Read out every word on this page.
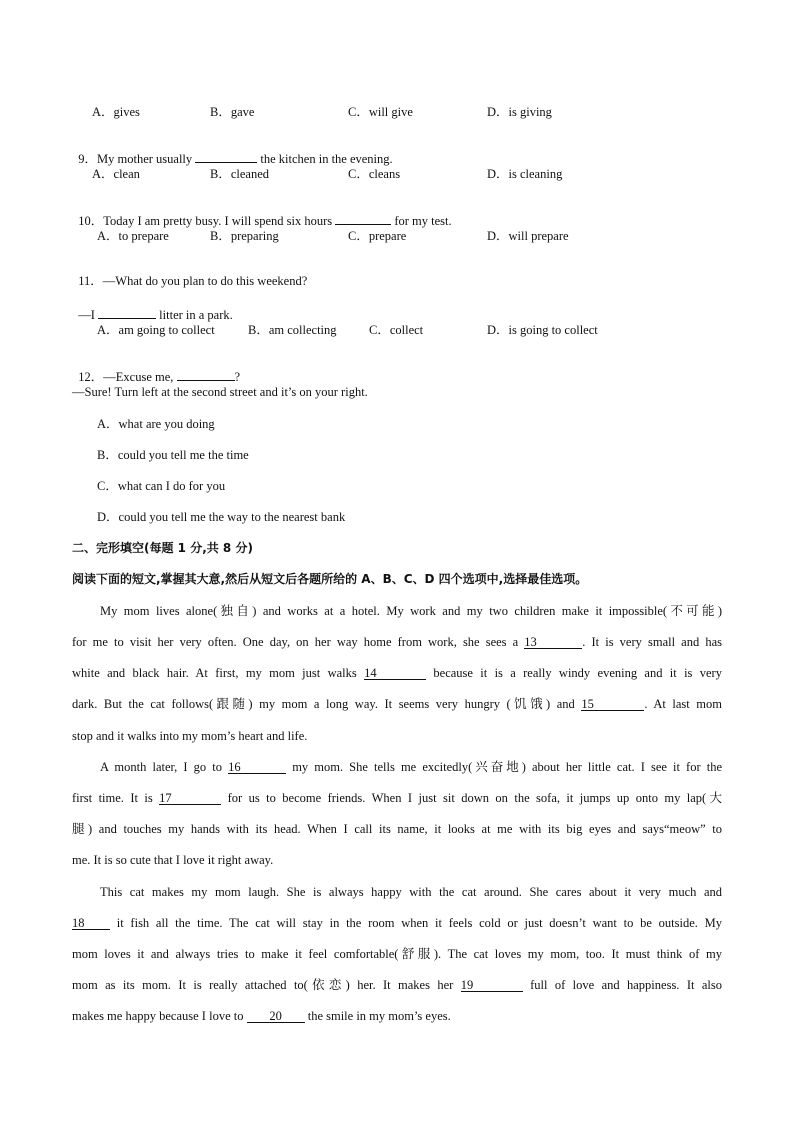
A．gives	B．gave	C．will give	D．is giving

9．My mother usually	the kitchen in the evening.

A．clean	B．cleaned	C．cleans	D．is cleaning

10．Today I am pretty busy. I will spend six hours	for my test.

A．to prepare	B．preparing	C．prepare	D．will prepare

11．—What do you plan to do this weekend?

—I	litter in a park.

A．am going to collect	B．am collecting	C．collect	D．is going to collect

12．—Excuse me,	?

—Sure! Turn left at the second street and it’s on your right.
A．what are you doing
B．could you tell me the time
C．what can I do for you
D．could you tell me the way to the nearest bank
二、完形填空(每题 1 分,共 8 分)
阅读下面的短文,掌握其大意,然后从短文后各题所给的 A、B、C、D 四个选项中,选择最佳选项。
My mom lives alone(独自) and works at a hotel. My work and my two children make it impossible(不可能)
for me to visit her very often. One day, on her way home from work, she sees a 13	. It is very small and has
white and black hair. At first, my mom just walks 14	because it is a really windy evening and it is very
dark. But the cat follows(跟随) my mom a long way. It seems very hungry (饥饿) and 15	. At last mom
stop and it walks into my mom’s heart and life.
A month later, I go to 16	my mom. She tells me excitedly(兴奋地) about her little cat. I see it for the
first time. It is 17	for us to become friends. When I just sit down on the sofa, it jumps up onto my lap(大
腿) and touches my hands with its head. When I call its name, it looks at me with its big eyes and says“meow” to
me. It is so cute that I love it right away.
This cat makes my mom laugh. She is always happy with the cat around. She cares about it very much and
18 it fish all the time. The cat will stay in the room when it feels cold or just doesn’t want to be outside. My
mom loves it and always tries to make it feel comfortable(舒服). The cat loves my mom, too. It must think of my
mom as its mom. It is really attached to(依恋) her. It makes her 19	full of love and happiness. It also
makes me happy because I love to 20 the smile in my mom’s eyes.
